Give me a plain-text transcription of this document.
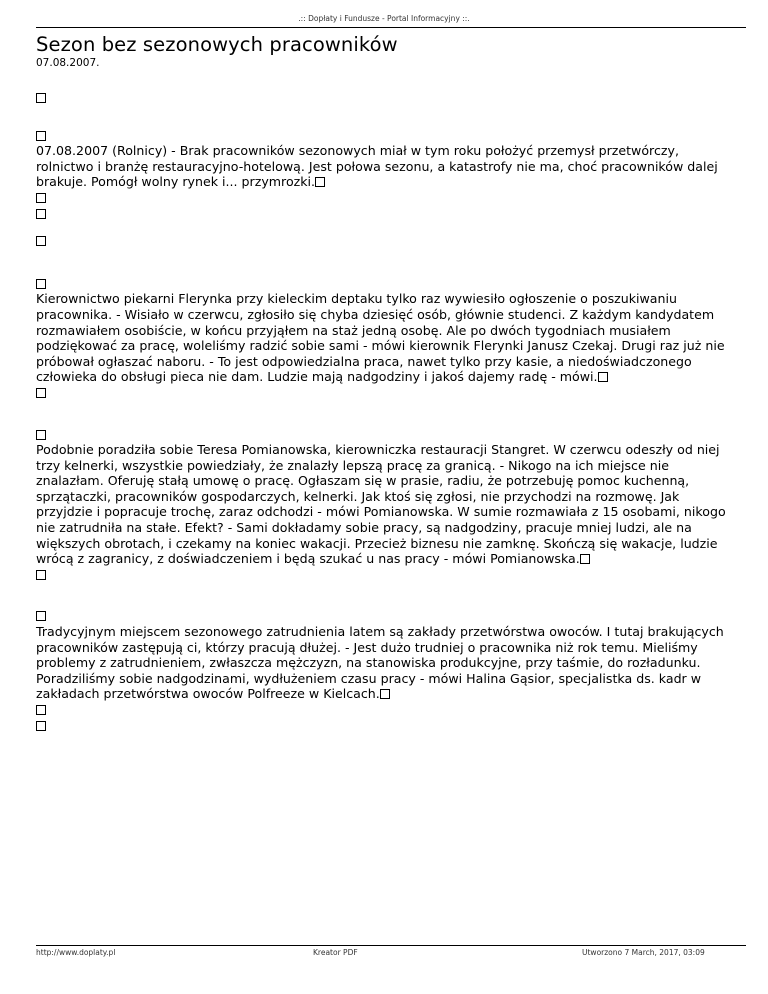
.:: Dopłaty i Fundusze - Portal Informacyjny ::.
Sezon bez sezonowych pracowników

07.08.2007.

07.08.2007 (Rolnicy) - Brak pracowników sezonowych miał w tym roku położyć przemysł przetwórczy, rolnictwo i branżę restauracyjno-hotelową. Jest połowa sezonu, a katastrofy nie ma, choć pracowników dalej brakuje. Pomógł wolny rynek i... przymrozki.

Kierownictwo piekarni Flerynka przy kieleckim deptaku tylko raz wywiesiło ogłoszenie o poszukiwaniu pracownika. - Wisiało w czerwcu, zgłosiło się chyba dziesięć osób, głównie studenci. Z każdym kandydatem rozmawiałem osobiście, w końcu przyjąłem na staż jedną osobę. Ale po dwóch tygodniach musiałem podziękować za pracę, woleliśmy radzić sobie sami - mówi kierownik Flerynki Janusz Czekaj. Drugi raz już nie próbował ogłaszać naboru. - To jest odpowiedzialna praca, nawet tylko przy kasie, a niedoświadczonego człowieka do obsługi pieca nie dam. Ludzie mają nadgodziny i jakoś dajemy radę - mówi.

Podobnie poradziła sobie Teresa Pomianowska, kierowniczka restauracji Stangret. W czerwcu odeszły od niej trzy kelnerki, wszystkie powiedziały, że znalazły lepszą pracę za granicą. - Nikogo na ich miejsce nie znalazłam. Oferuję stałą umowę o pracę. Ogłaszam się w prasie, radiu, że potrzebuję pomoc kuchenną, sprzątaczki, pracowników gospodarczych, kelnerki. Jak ktoś się zgłosi, nie przychodzi na rozmowę. Jak przyjdzie i popracuje trochę, zaraz odchodzi - mówi Pomianowska. W sumie rozmawiała z 15 osobami, nikogo nie zatrudniła na stałe. Efekt? - Sami dokładamy sobie pracy, są nadgodziny, pracuje mniej ludzi, ale na większych obrotach, i czekamy na koniec wakacji. Przecież biznesu nie zamknę. Skończą się wakacje, ludzie wrócą z zagranicy, z doświadczeniem i będą szukać u nas pracy - mówi Pomianowska.

Tradycyjnym miejscem sezonowego zatrudnienia latem są zakłady przetwórstwa owoców. I tutaj brakujących pracowników zastępują ci, którzy pracują dłużej. - Jest dużo trudniej o pracownika niż rok temu. Mieliśmy problemy z zatrudnieniem, zwłaszcza mężczyzn, na stanowiska produkcyjne, przy taśmie, do rozładunku. Poradziliśmy sobie nadgodzinami, wydłużeniem czasu pracy - mówi Halina Gąsior, specjalistka ds. kadr w zakładach przetwórstwa owoców Polfreeze w Kielcach.

http://www.doplaty.pl	Kreator PDF	Utworzono 7 March, 2017, 03:09
